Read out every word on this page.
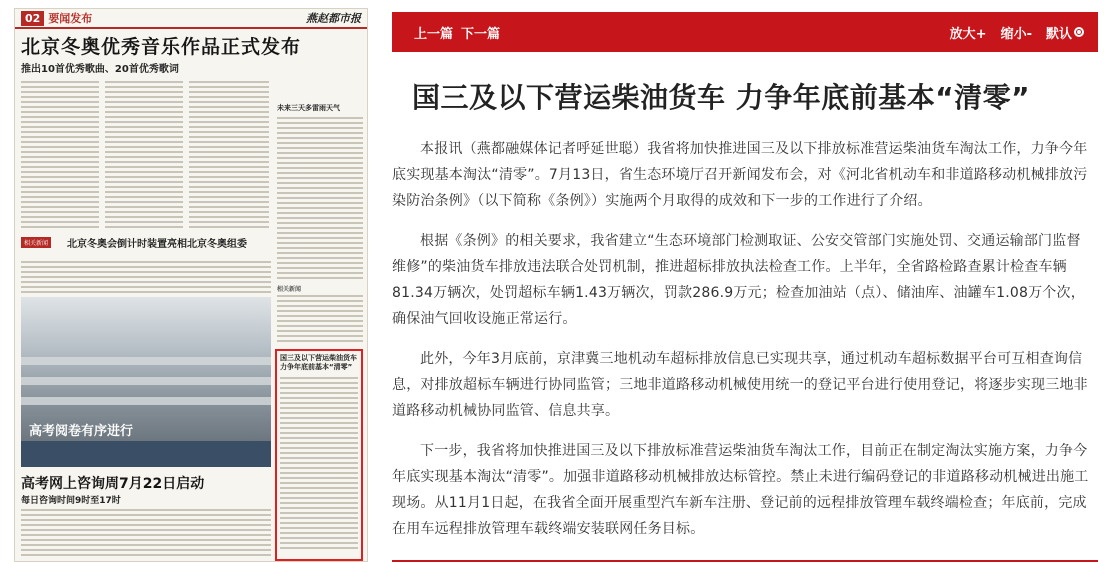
02 要闻发布	燕赵都市报
北京冬奥优秀音乐作品正式发布
推出10首优秀歌曲、20首优秀歌词
未来三天多雷雨天气
相关新闻
相关新闻	北京冬奥会倒计时装置亮相北京冬奥组委
高考阅卷有序进行
高考网上咨询周7月22日启动
每日咨询时间9时至17时
国三及以下营运柴油货车力争年底前基本“清零”
上一篇 下一篇	放大+ 缩小- 默认
国三及以下营运柴油货车 力争年底前基本“清零”

本报讯（燕都融媒体记者呼延世聪）我省将加快推进国三及以下排放标准营运柴油货车淘汰工作，力争今年底实现基本淘汰“清零”。7月13日，省生态环境厅召开新闻发布会，对《河北省机动车和非道路移动机械排放污染防治条例》（以下简称《条例》）实施两个月取得的成效和下一步的工作进行了介绍。

根据《条例》的相关要求，我省建立“生态环境部门检测取证、公安交管部门实施处罚、交通运输部门监督维修”的柴油货车排放违法联合处罚机制，推进超标排放执法检查工作。上半年，全省路检路查累计检查车辆81.34万辆次，处罚超标车辆1.43万辆次，罚款286.9万元；检查加油站（点）、储油库、油罐车1.08万个次，确保油气回收设施正常运行。

此外，今年3月底前，京津冀三地机动车超标排放信息已实现共享，通过机动车超标数据平台可互相查询信息，对排放超标车辆进行协同监管；三地非道路移动机械使用统一的登记平台进行使用登记，将逐步实现三地非道路移动机械协同监管、信息共享。

下一步，我省将加快推进国三及以下排放标准营运柴油货车淘汰工作，目前正在制定淘汰实施方案，力争今年底实现基本淘汰“清零”。加强非道路移动机械排放达标管控。禁止未进行编码登记的非道路移动机械进出施工现场。从11月1日起，在我省全面开展重型汽车新车注册、登记前的远程排放管理车载终端检查；年底前，完成在用车远程排放管理车载终端安装联网任务目标。
